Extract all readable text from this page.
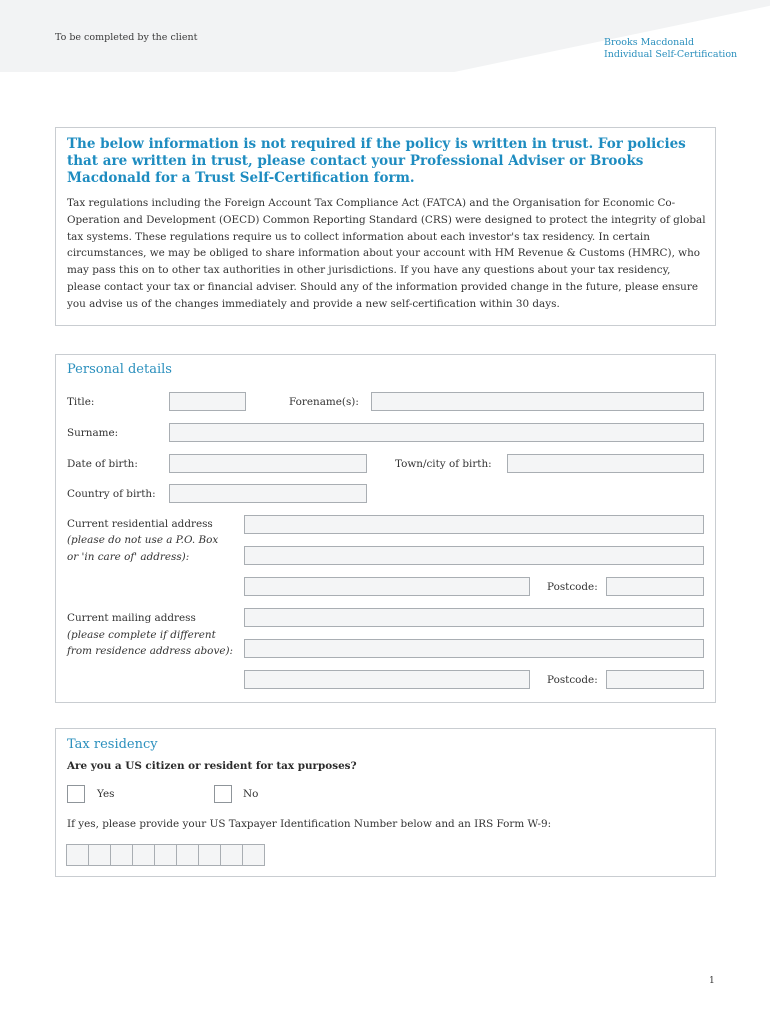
To be completed by the client	Brooks Macdonald
Individual Self-Certification
The below information is not required if the policy is written in trust. For policies that are written in trust, please contact your Professional Adviser or Brooks Macdonald for a Trust Self-Certification form.
Tax regulations including the Foreign Account Tax Compliance Act (FATCA) and the Organisation for Economic Co-Operation and Development (OECD) Common Reporting Standard (CRS) were designed to protect the integrity of global tax systems. These regulations require us to collect information about each investor's tax residency. In certain circumstances, we may be obliged to share information about your account with HM Revenue & Customs (HMRC), who may pass this on to other tax authorities in other jurisdictions. If you have any questions about your tax residency, please contact your tax or financial adviser. Should any of the information provided change in the future, please ensure you advise us of the changes immediately and provide a new self-certification within 30 days.
Personal details
Title:	Forename(s):
Surname:
Date of birth:	Town/city of birth:
Country of birth:
Current residential address
(please do not use a P.O. Box
or 'in care of' address):
Postcode:
Current mailing address
(please complete if different
from residence address above):
Postcode:
Tax residency
Are you a US citizen or resident for tax purposes?
Yes	No
If yes, please provide your US Taxpayer Identification Number below and an IRS Form W-9:
1
